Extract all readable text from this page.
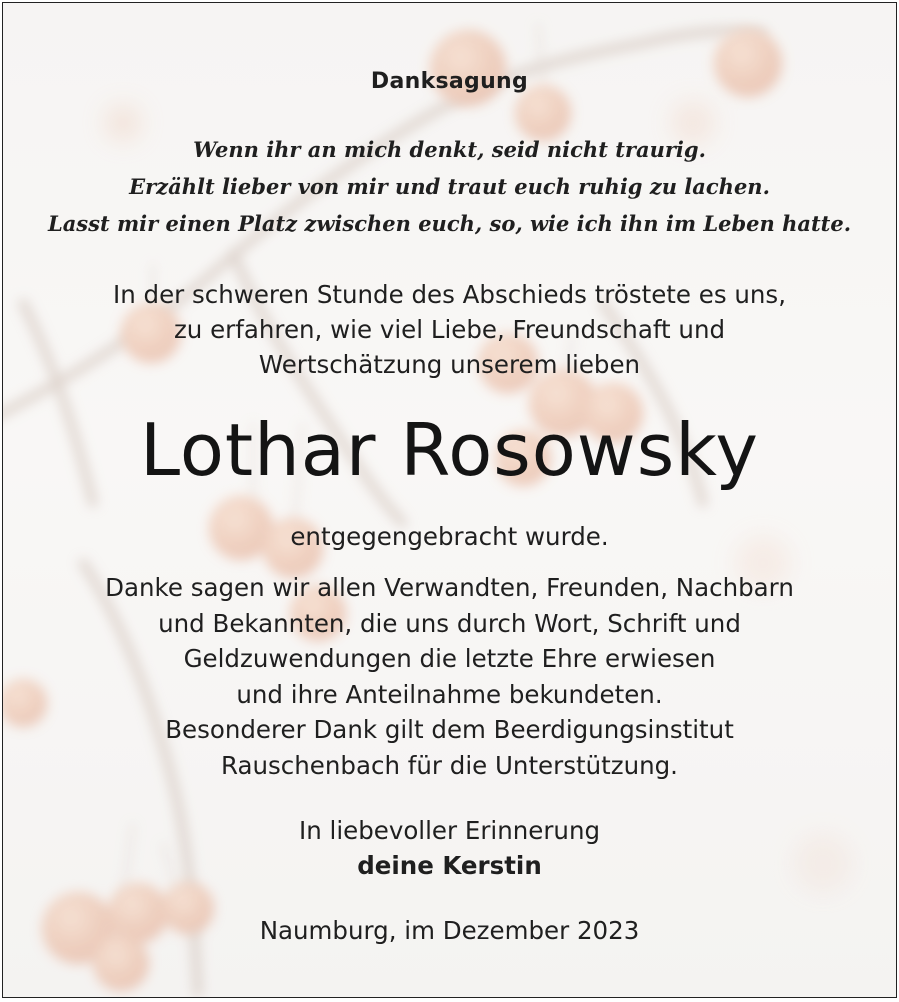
Danksagung
Wenn ihr an mich denkt, seid nicht traurig.
Erzählt lieber von mir und traut euch ruhig zu lachen.
Lasst mir einen Platz zwischen euch, so, wie ich ihn im Leben hatte.
In der schweren Stunde des Abschieds tröstete es uns,
zu erfahren, wie viel Liebe, Freundschaft und
Wertschätzung unserem lieben
Lothar Rosowsky
entgegengebracht wurde.
Danke sagen wir allen Verwandten, Freunden, Nachbarn
und Bekannten, die uns durch Wort, Schrift und
Geldzuwendungen die letzte Ehre erwiesen
und ihre Anteilnahme bekundeten.
Besonderer Dank gilt dem Beerdigungsinstitut
Rauschenbach für die Unterstützung.
In liebevoller Erinnerung
deine Kerstin
Naumburg, im Dezember 2023
